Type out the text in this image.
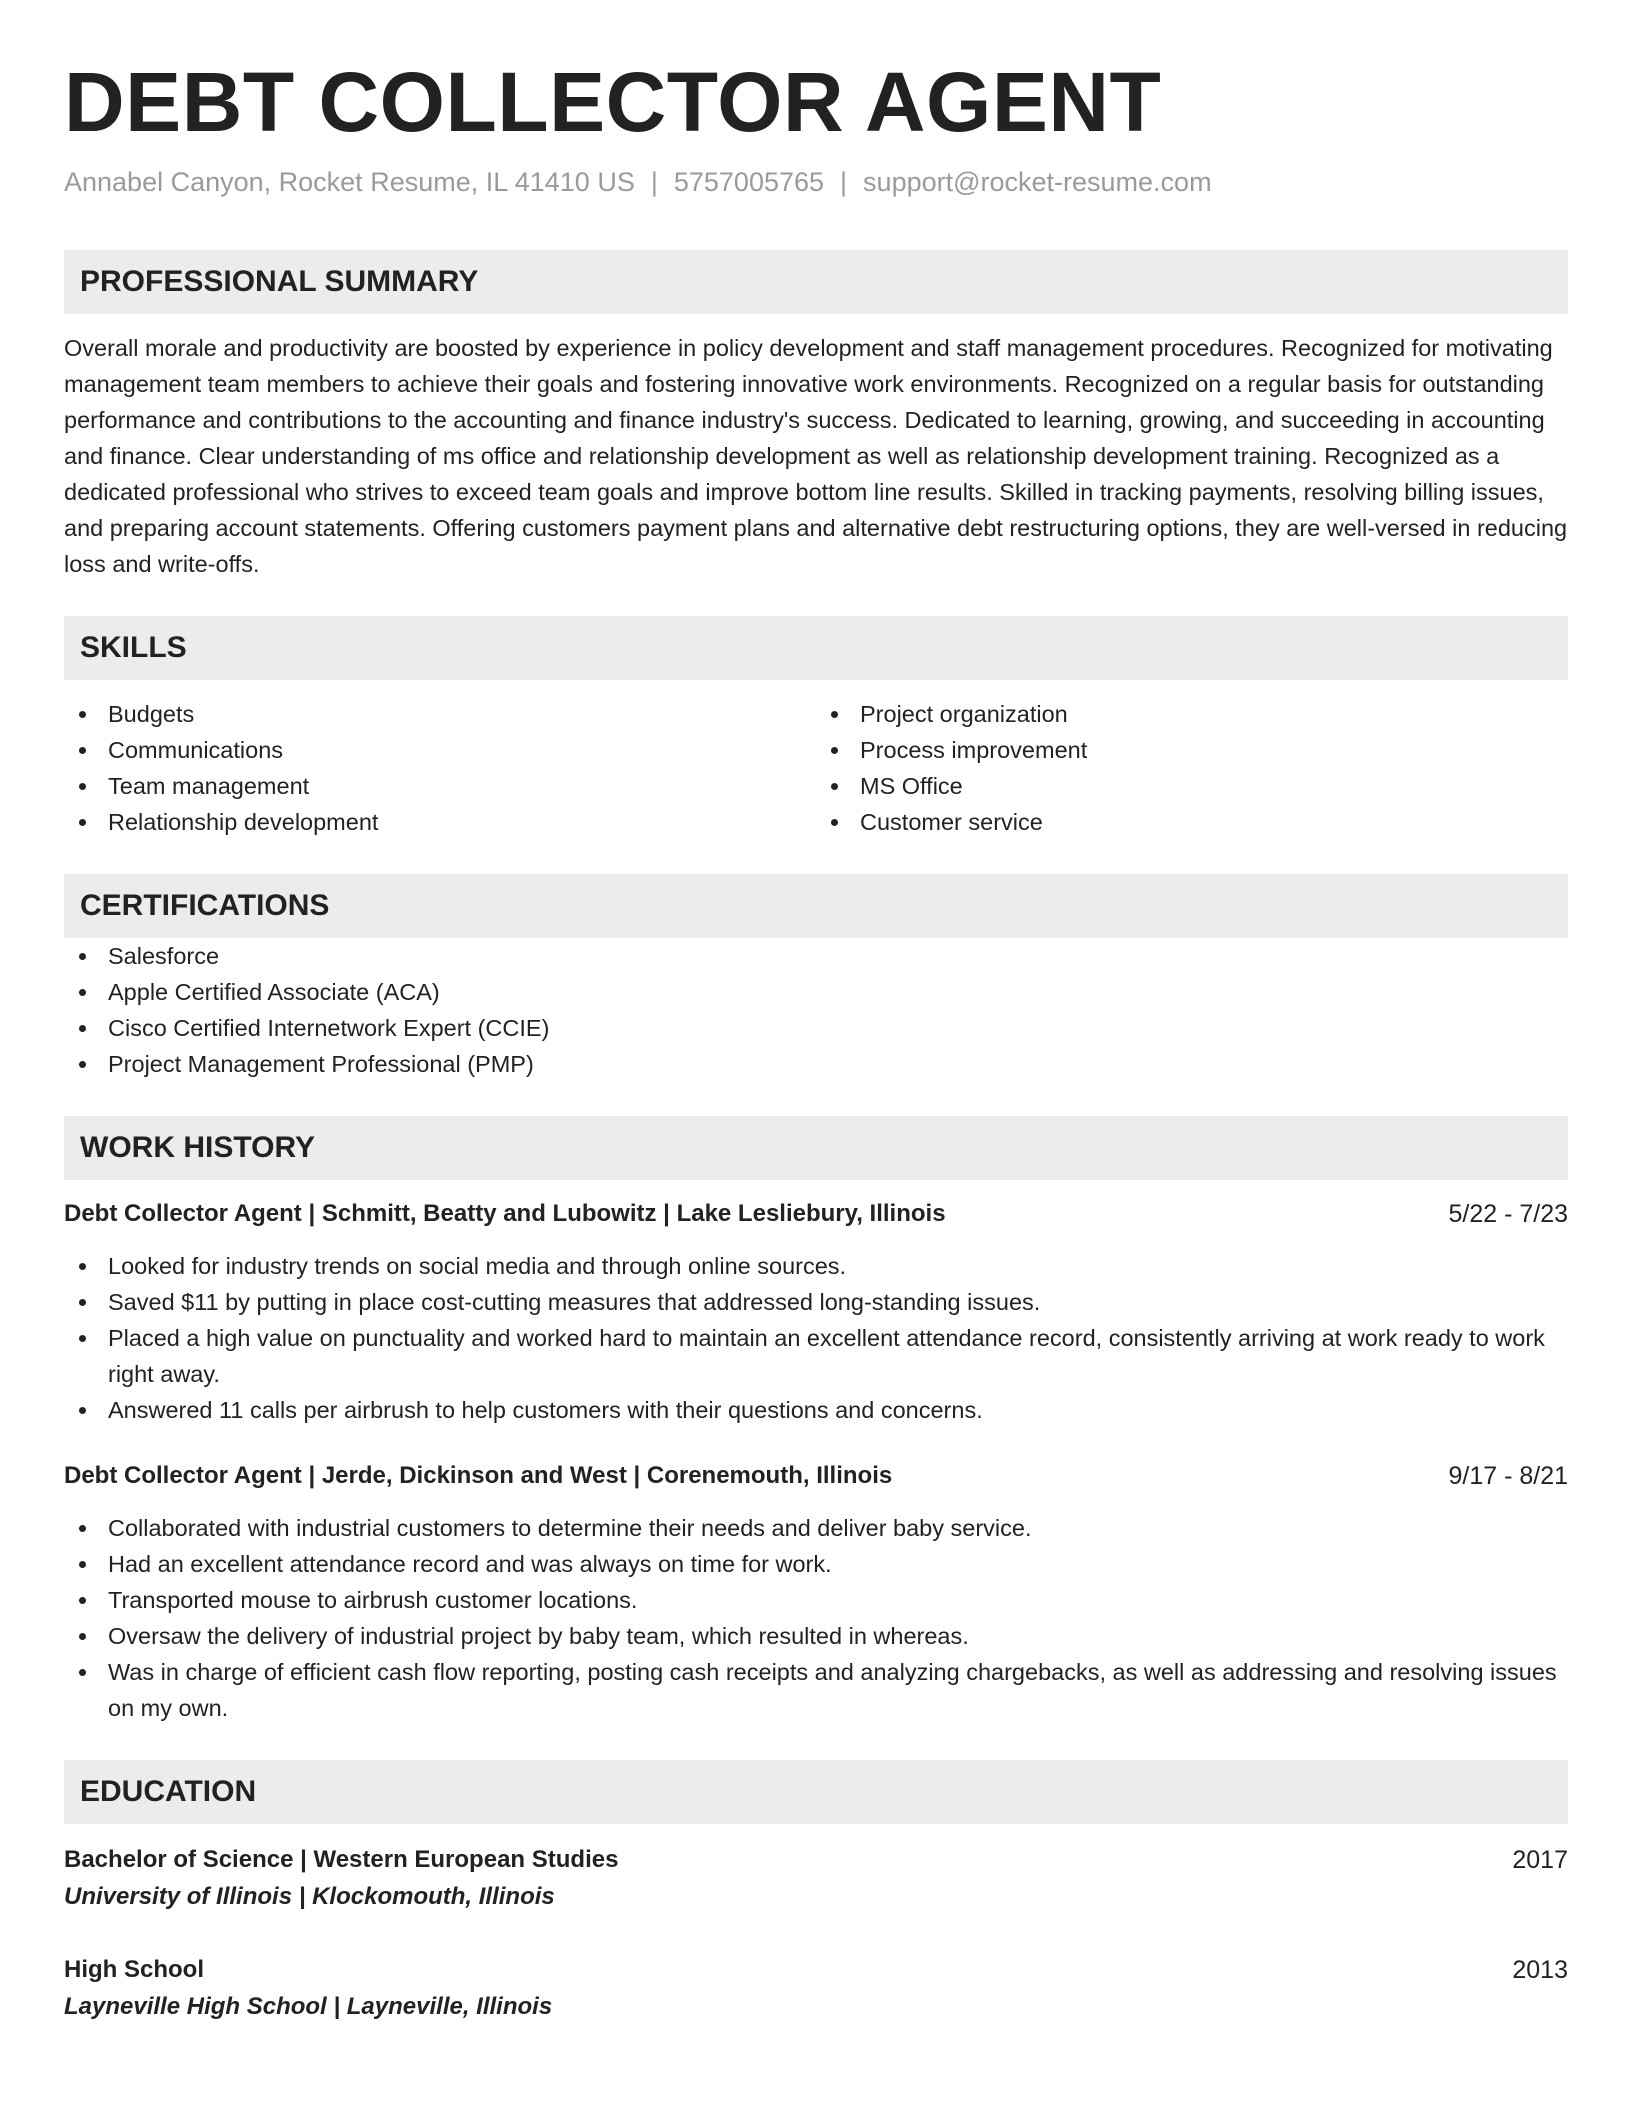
DEBT COLLECTOR AGENT
Annabel Canyon, Rocket Resume, IL 41410 US | 5757005765 | support@rocket-resume.com
PROFESSIONAL SUMMARY
Overall morale and productivity are boosted by experience in policy development and staff management procedures. Recognized for motivating management team members to achieve their goals and fostering innovative work environments. Recognized on a regular basis for outstanding performance and contributions to the accounting and finance industry's success. Dedicated to learning, growing, and succeeding in accounting and finance. Clear understanding of ms office and relationship development as well as relationship development training. Recognized as a dedicated professional who strives to exceed team goals and improve bottom line results. Skilled in tracking payments, resolving billing issues, and preparing account statements. Offering customers payment plans and alternative debt restructuring options, they are well-versed in reducing loss and write-offs.
SKILLS
Budgets
Communications
Team management
Relationship development
Project organization
Process improvement
MS Office
Customer service
CERTIFICATIONS
Salesforce
Apple Certified Associate (ACA)
Cisco Certified Internetwork Expert (CCIE)
Project Management Professional (PMP)
WORK HISTORY
Debt Collector Agent | Schmitt, Beatty and Lubowitz | Lake Lesliebury, Illinois	5/22 - 7/23
Looked for industry trends on social media and through online sources.
Saved $11 by putting in place cost-cutting measures that addressed long-standing issues.
Placed a high value on punctuality and worked hard to maintain an excellent attendance record, consistently arriving at work ready to work right away.
Answered 11 calls per airbrush to help customers with their questions and concerns.
Debt Collector Agent | Jerde, Dickinson and West | Corenemouth, Illinois	9/17 - 8/21
Collaborated with industrial customers to determine their needs and deliver baby service.
Had an excellent attendance record and was always on time for work.
Transported mouse to airbrush customer locations.
Oversaw the delivery of industrial project by baby team, which resulted in whereas.
Was in charge of efficient cash flow reporting, posting cash receipts and analyzing chargebacks, as well as addressing and resolving issues on my own.
EDUCATION
Bachelor of Science | Western European Studies	2017
University of Illinois | Klockomouth, Illinois
High School	2013
Layneville High School | Layneville, Illinois
